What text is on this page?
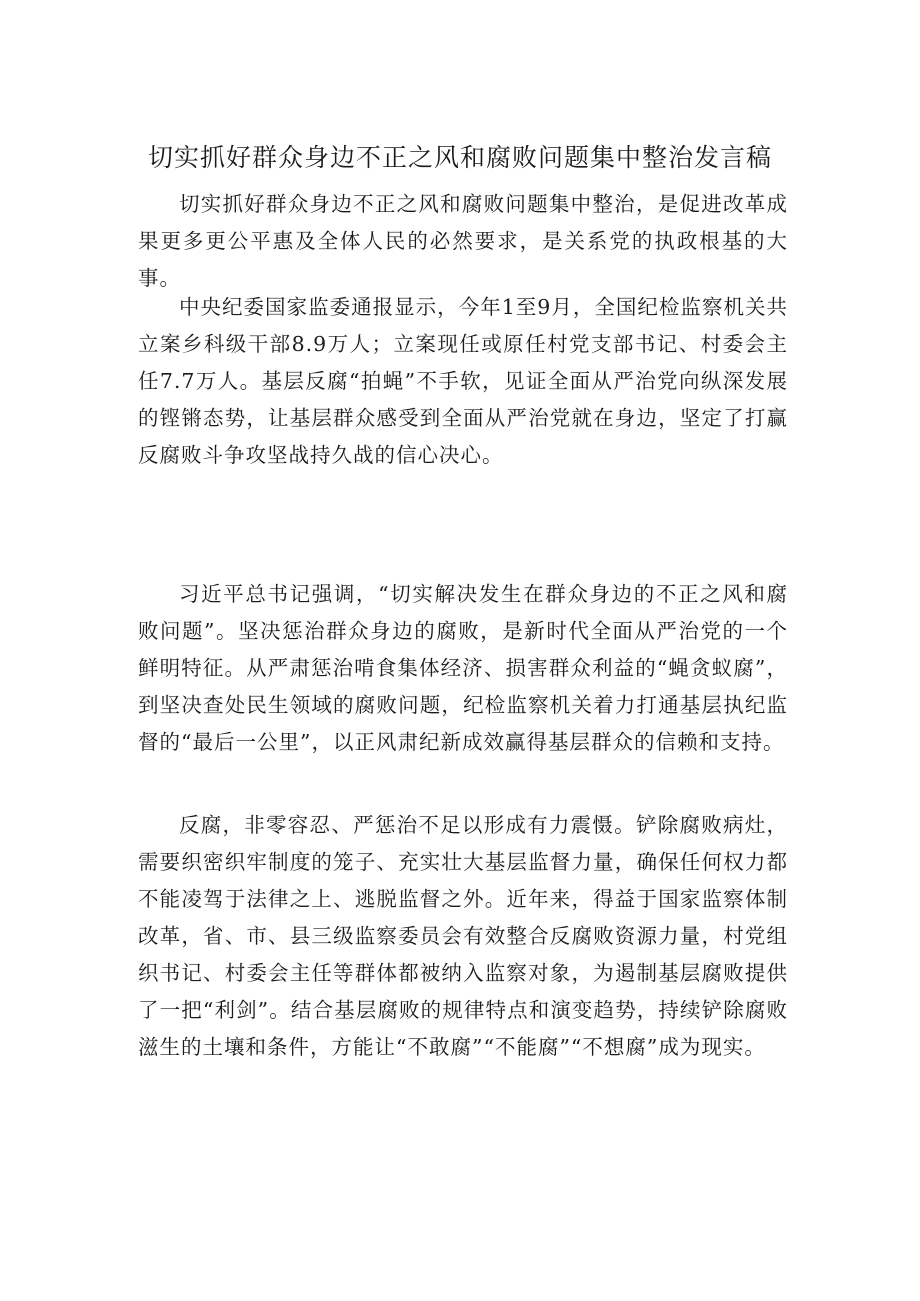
切实抓好群众身边不正之风和腐败问题集中整治发言稿

切实抓好群众身边不正之风和腐败问题集中整治，是促进改革成果更多更公平惠及全体人民的必然要求，是关系党的执政根基的大事。

中央纪委国家监委通报显示，今年1至9月，全国纪检监察机关共立案乡科级干部8.9万人；立案现任或原任村党支部书记、村委会主任7.7万人。基层反腐“拍蝇”不手软，见证全面从严治党向纵深发展的铿锵态势，让基层群众感受到全面从严治党就在身边，坚定了打赢反腐败斗争攻坚战持久战的信心决心。

习近平总书记强调，“切实解决发生在群众身边的不正之风和腐败问题”。坚决惩治群众身边的腐败，是新时代全面从严治党的一个鲜明特征。从严肃惩治啃食集体经济、损害群众利益的“蝇贪蚁腐”，到坚决查处民生领域的腐败问题，纪检监察机关着力打通基层执纪监督的“最后一公里”，以正风肃纪新成效赢得基层群众的信赖和支持。

反腐，非零容忍、严惩治不足以形成有力震慑。铲除腐败病灶，需要织密织牢制度的笼子、充实壮大基层监督力量，确保任何权力都不能凌驾于法律之上、逃脱监督之外。近年来，得益于国家监察体制改革，省、市、县三级监察委员会有效整合反腐败资源力量，村党组织书记、村委会主任等群体都被纳入监察对象，为遏制基层腐败提供了一把“利剑”。结合基层腐败的规律特点和演变趋势，持续铲除腐败滋生的土壤和条件，方能让“不敢腐”“不能腐”“不想腐”成为现实。
